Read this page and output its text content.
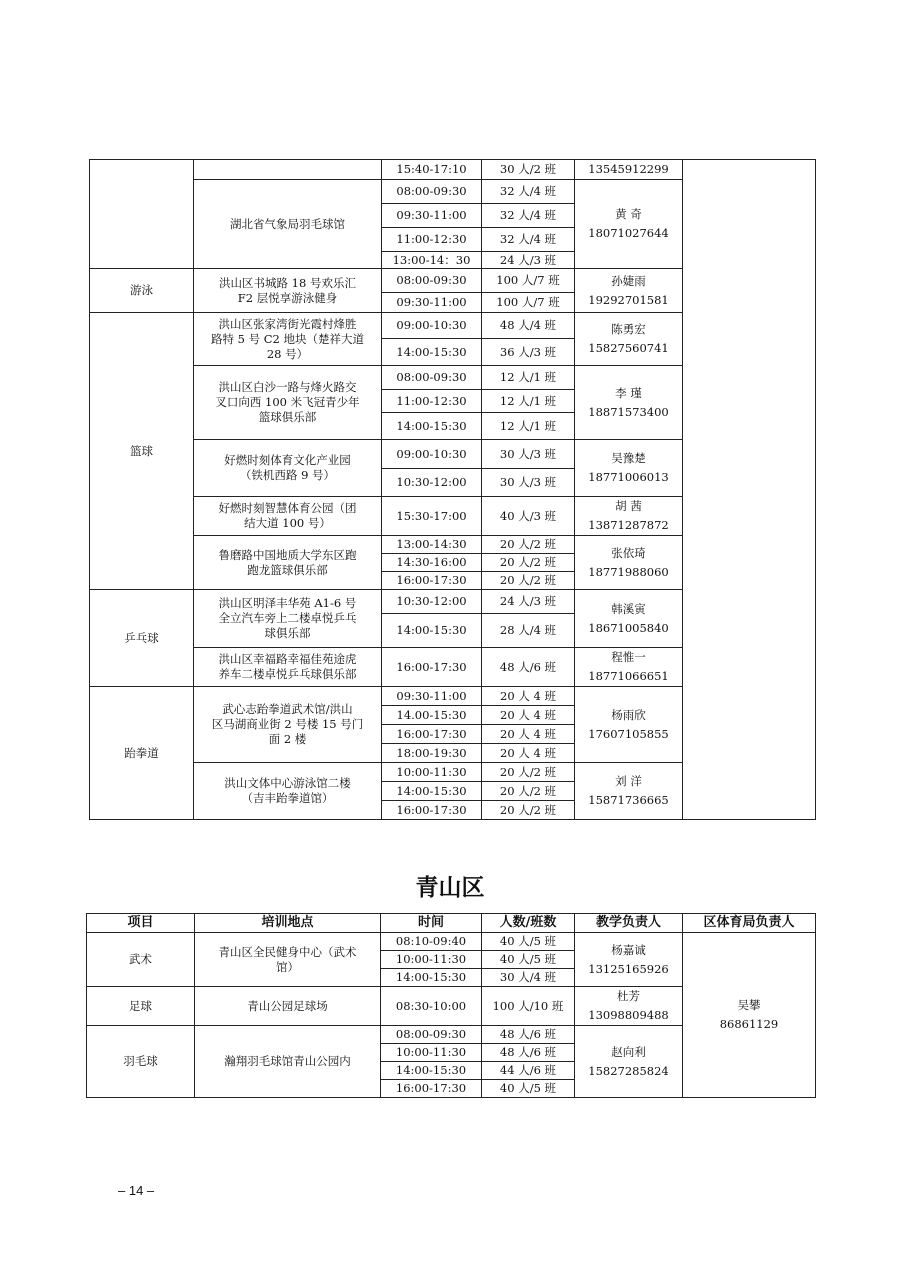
		15:40-17:10	30 人/2 班	13545912299	
	湖北省气象局羽毛球馆	08:00-09:30	32 人/4 班	黄 奇
18071027644	
		09:30-11:00	32 人/4 班		
		11:00-12:30	32 人/4 班		
		13:00-14：30	24 人/3 班		
游泳	洪山区书城路 18 号欢乐汇
F2 层悦享游泳健身	08:00-09:30	100 人/7 班	孙婕雨
19292701581	
		09:30-11:00	100 人/7 班		
篮球	洪山区张家湾街光霞村烽胜
路特 5 号 C2 地块（楚祥大道
28 号）	09:00-10:30	48 人/4 班	陈勇宏
15827560741	
		14:00-15:30	36 人/3 班		
	洪山区白沙一路与烽火路交
叉口向西 100 米飞冠青少年
篮球俱乐部	08:00-09:30	12 人/1 班	李 瑾
18871573400	
		11:00-12:30	12 人/1 班		
		14:00-15:30	12 人/1 班		
	好燃时刻体育文化产业园
（铁机西路 9 号）	09:00-10:30	30 人/3 班	吴豫楚
18771006013	
		10:30-12:00	30 人/3 班		
	好燃时刻智慧体育公园（团
结大道 100 号）	15:30-17:00	40 人/3 班	胡 茜
13871287872	
	鲁磨路中国地质大学东区跑
跑龙篮球俱乐部	13:00-14:30	20 人/2 班	张依琦
18771988060	
		14:30-16:00	20 人/2 班		
		16:00-17:30	20 人/2 班		
乒乓球	洪山区明泽丰华苑 A1-6 号
全立汽车旁上二楼卓悦乒乓
球俱乐部	10:30-12:00	24 人/3 班	韩溪寅
18671005840	
		14:00-15:30	28 人/4 班		
	洪山区幸福路幸福佳苑途虎
养车二楼卓悦乒乓球俱乐部	16:00-17:30	48 人/6 班	程惟一
18771066651	
跆拳道	武心志跆拳道武术馆/洪山
区马湖商业街 2 号楼 15 号门
面 2 楼	09:30-11:00	20 人 4 班	杨雨欣
17607105855	
		14.00-15:30	20 人 4 班		
		16:00-17:30	20 人 4 班		
		18:00-19:30	20 人 4 班		
	洪山文体中心游泳馆二楼
（吉丰跆拳道馆）	10:00-11:30	20 人/2 班	刘 洋
15871736665	
		14:00-15:30	20 人/2 班		
		16:00-17:30	20 人/2 班		
青山区
项目	培训地点	时间	人数/班数	教学负责人	区体育局负责人
武术	青山区全民健身中心（武术
馆）	08:10-09:40	40 人/5 班	杨嘉诚
13125165926	吴攀
86861129
		10:00-11:30	40 人/5 班		
		14:00-15:30	30 人/4 班		
足球	青山公园足球场	08:30-10:00	100 人/10 班	杜芳
13098809488	
羽毛球	瀚翔羽毛球馆青山公园内	08:00-09:30	48 人/6 班	赵向利
15827285824	
		10:00-11:30	48 人/6 班		
		14:00-15:30	44 人/6 班		
		16:00-17:30	40 人/5 班		
– 14 –
